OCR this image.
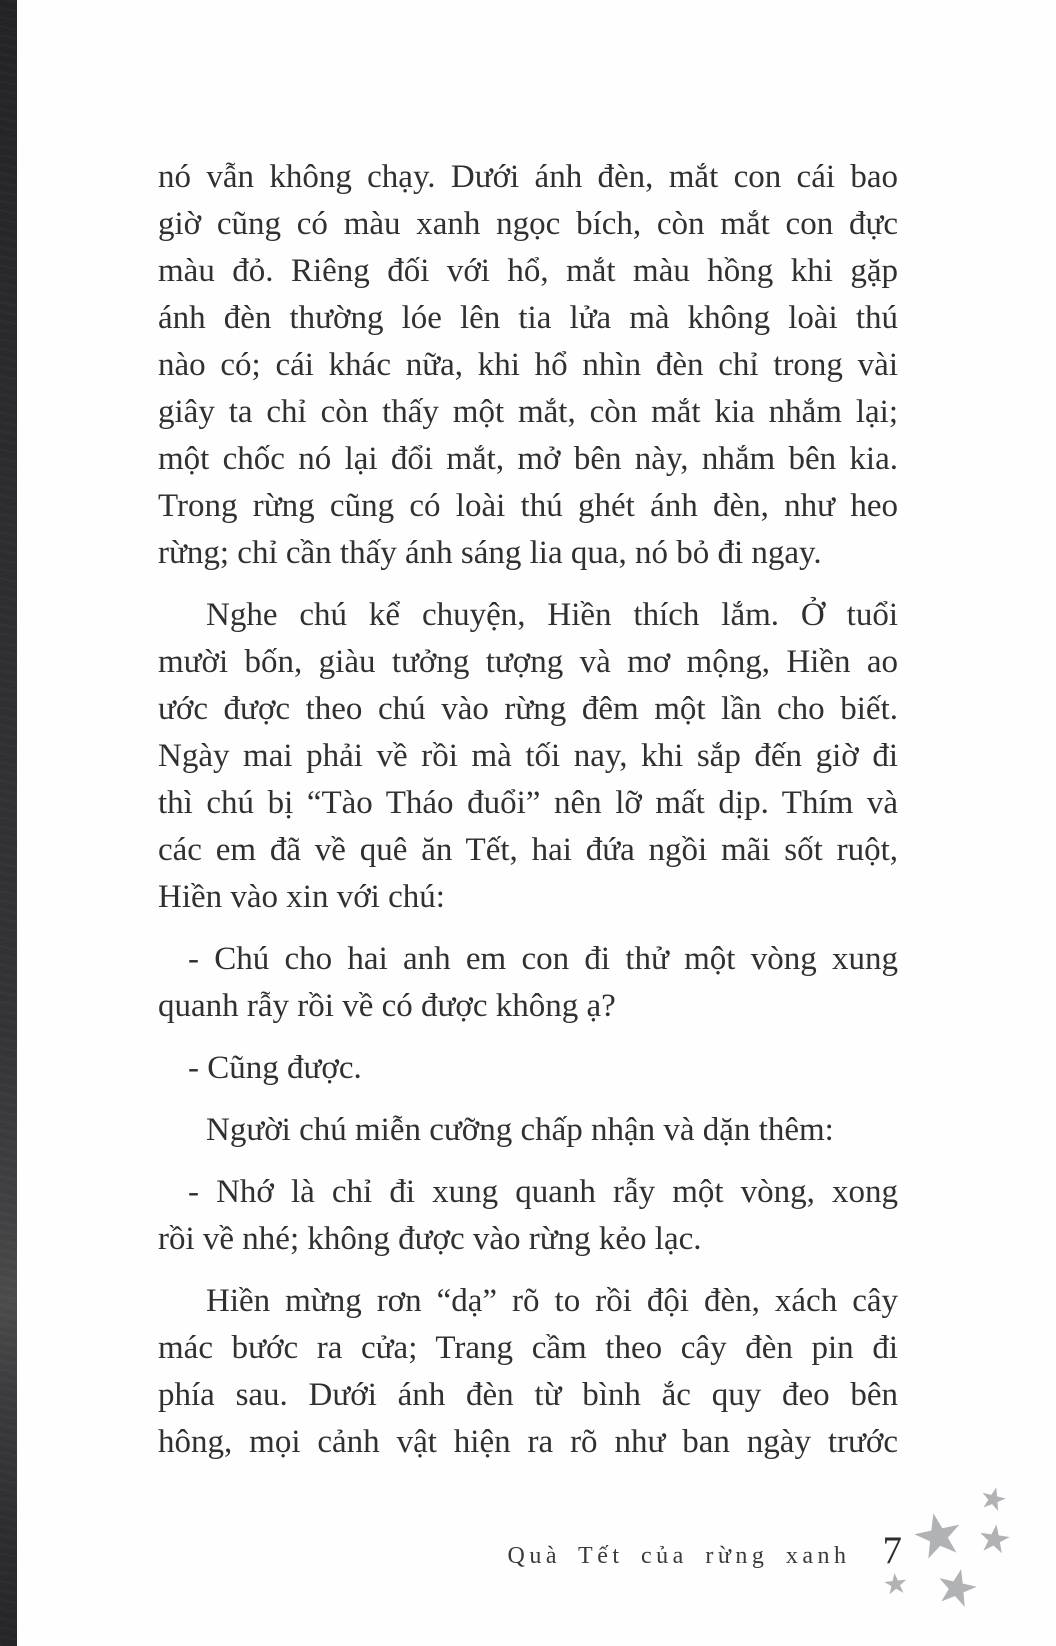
nó vẫn không chạy. Dưới ánh đèn, mắt con cái bao
giờ cũng có màu xanh ngọc bích, còn mắt con đực
màu đỏ. Riêng đối với hổ, mắt màu hồng khi gặp
ánh đèn thường lóe lên tia lửa mà không loài thú
nào có; cái khác nữa, khi hổ nhìn đèn chỉ trong vài
giây ta chỉ còn thấy một mắt, còn mắt kia nhắm lại;
một chốc nó lại đổi mắt, mở bên này, nhắm bên kia.
Trong rừng cũng có loài thú ghét ánh đèn, như heo
rừng; chỉ cần thấy ánh sáng lia qua, nó bỏ đi ngay.
Nghe chú kể chuyện, Hiền thích lắm. Ở tuổi
mười bốn, giàu tưởng tượng và mơ mộng, Hiền ao
ước được theo chú vào rừng đêm một lần cho biết.
Ngày mai phải về rồi mà tối nay, khi sắp đến giờ đi
thì chú bị “Tào Tháo đuổi” nên lỡ mất dịp. Thím và
các em đã về quê ăn Tết, hai đứa ngồi mãi sốt ruột,
Hiền vào xin với chú:
- Chú cho hai anh em con đi thử một vòng xung
quanh rẫy rồi về có được không ạ?
- Cũng được.
Người chú miễn cưỡng chấp nhận và dặn thêm:
- Nhớ là chỉ đi xung quanh rẫy một vòng, xong
rồi về nhé; không được vào rừng kẻo lạc.
Hiền mừng rơn “dạ” rõ to rồi đội đèn, xách cây
mác bước ra cửa; Trang cầm theo cây đèn pin đi
phía sau. Dưới ánh đèn từ bình ắc quy đeo bên
hông, mọi cảnh vật hiện ra rõ như ban ngày trước
Quà Tết của rừng xanh 7
